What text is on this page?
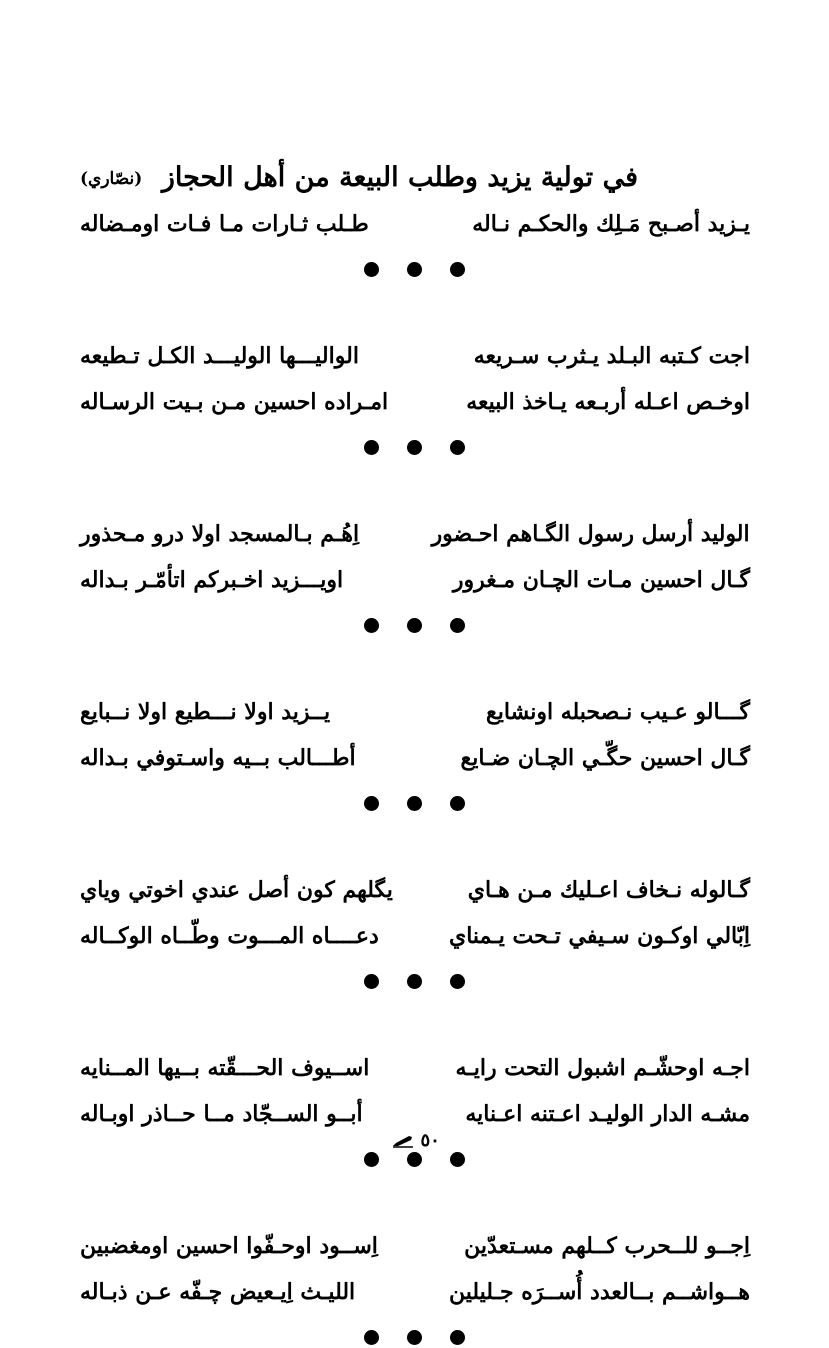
في تولية يزيد وطلب البيعة من أهل الحجاز
(نصّاري)
يـزيد أصـبح مَـلِك والحكـم نـاله
طـلب ثـارات مـا فـات اومـضاله
اجت كـتبه البـلد يـثرب سـريعه
الواليـــها الوليـــد الكـل تـطيعه
اوخـص اعـله أربـعه يـاخذ البيعه
امـراده احسين مـن بـيت الرسـاله
الوليد أرسل رسول الگـاهم احـضور
اِهُـم بـالمسجد اولا درو مـحذور
گـال احسين مـات الچـان مـغرور
اويـــزيد اخـبركم اتأمّـر بـداله
گـــالو عـيب نـصحبله اونشايع
يــزيد اولا نـــطيع اولا نــبايع
گـال احسين حگّـي الچـان ضـايع
أطـــالب بــيه واسـتوفي بـداله
گـالوله نـخاف اعـليك مـن هـاي
يگلهم كون أصل عندي اخوتي وياي
اِبّالي اوكـون سـيفي تـحت يـمناي
دعــــاه المـــوت وطّــاه الوكــاله
اجـه اوحشّـم اشبول التحت رايـه
اســيوف الحـــقّته بــيها المــنايه
مشـه الدار الوليـد اعـتنه اعـنايه
أبــو الســجّاد مــا حــاذر اوبـاله
اِجــو للــحرب كــلهم مسـتعدّين
اِســود اوحـفّوا احسين اومغضبين
هــواشــم بــالعدد أُســرَه جـليلين
الليـث اِيـعيض چـفّه عـن ذبـاله
٥٠
